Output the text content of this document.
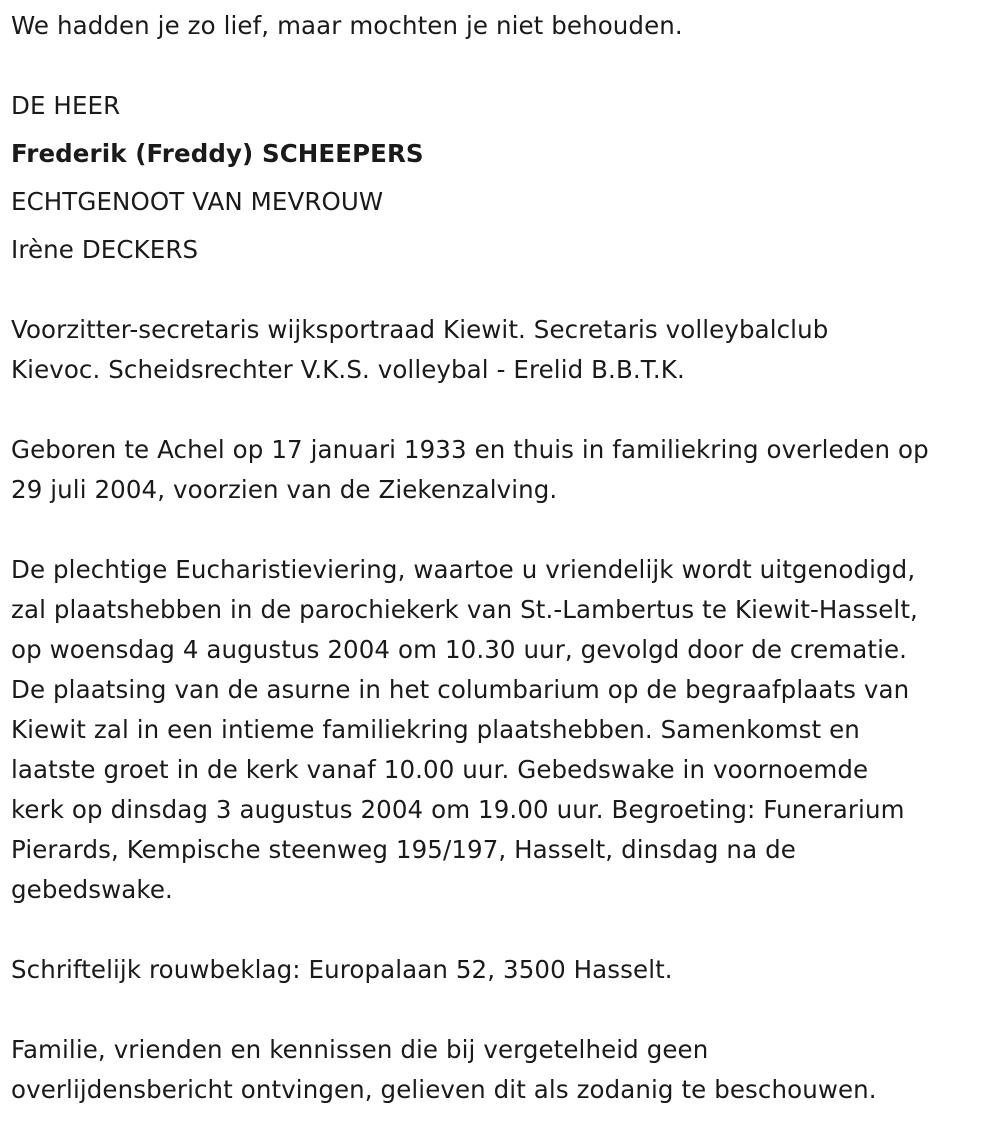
We hadden je zo lief, maar mochten je niet behouden.
DE HEER
Frederik (Freddy) SCHEEPERS
ECHTGENOOT VAN MEVROUW
Irène DECKERS
Voorzitter-secretaris wijksportraad Kiewit. Secretaris volleybalclub
Kievoc. Scheidsrechter V.K.S. volleybal - Erelid B.B.T.K.
Geboren te Achel op 17 januari 1933 en thuis in familiekring overleden op
29 juli 2004, voorzien van de Ziekenzalving.
De plechtige Eucharistieviering, waartoe u vriendelijk wordt uitgenodigd,
zal plaatshebben in de parochiekerk van St.-Lambertus te Kiewit-Hasselt,
op woensdag 4 augustus 2004 om 10.30 uur, gevolgd door de crematie.
De plaatsing van de asurne in het columbarium op de begraafplaats van
Kiewit zal in een intieme familiekring plaatshebben. Samenkomst en
laatste groet in de kerk vanaf 10.00 uur. Gebedswake in voornoemde
kerk op dinsdag 3 augustus 2004 om 19.00 uur. Begroeting: Funerarium
Pierards, Kempische steenweg 195/197, Hasselt, dinsdag na de
gebedswake.
Schriftelijk rouwbeklag: Europalaan 52, 3500 Hasselt.
Familie, vrienden en kennissen die bij vergetelheid geen
overlijdensbericht ontvingen, gelieven dit als zodanig te beschouwen.
